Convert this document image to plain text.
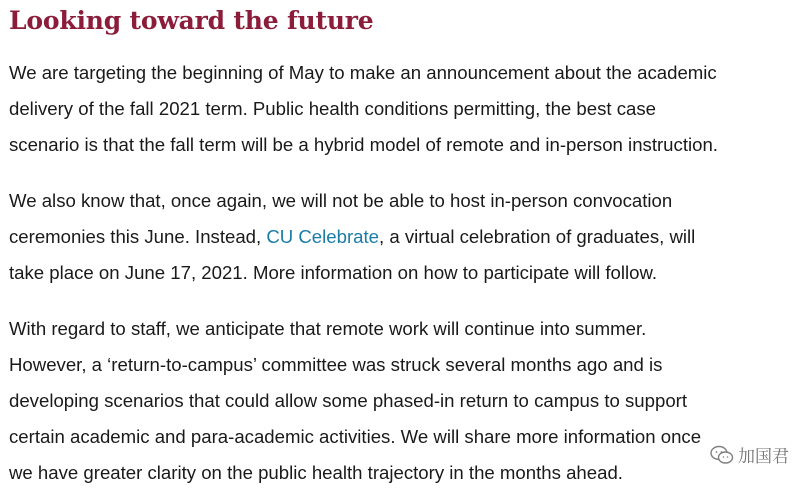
Looking toward the future
We are targeting the beginning of May to make an announcement about the academic
delivery of the fall 2021 term. Public health conditions permitting, the best case
scenario is that the fall term will be a hybrid model of remote and in-person instruction.
We also know that, once again, we will not be able to host in-person convocation
ceremonies this June. Instead, CU Celebrate, a virtual celebration of graduates, will
take place on June 17, 2021. More information on how to participate will follow.
With regard to staff, we anticipate that remote work will continue into summer.
However, a ‘return-to-campus’ committee was struck several months ago and is
developing scenarios that could allow some phased-in return to campus to support
certain academic and para-academic activities. We will share more information once
we have greater clarity on the public health trajectory in the months ahead.
加国君
